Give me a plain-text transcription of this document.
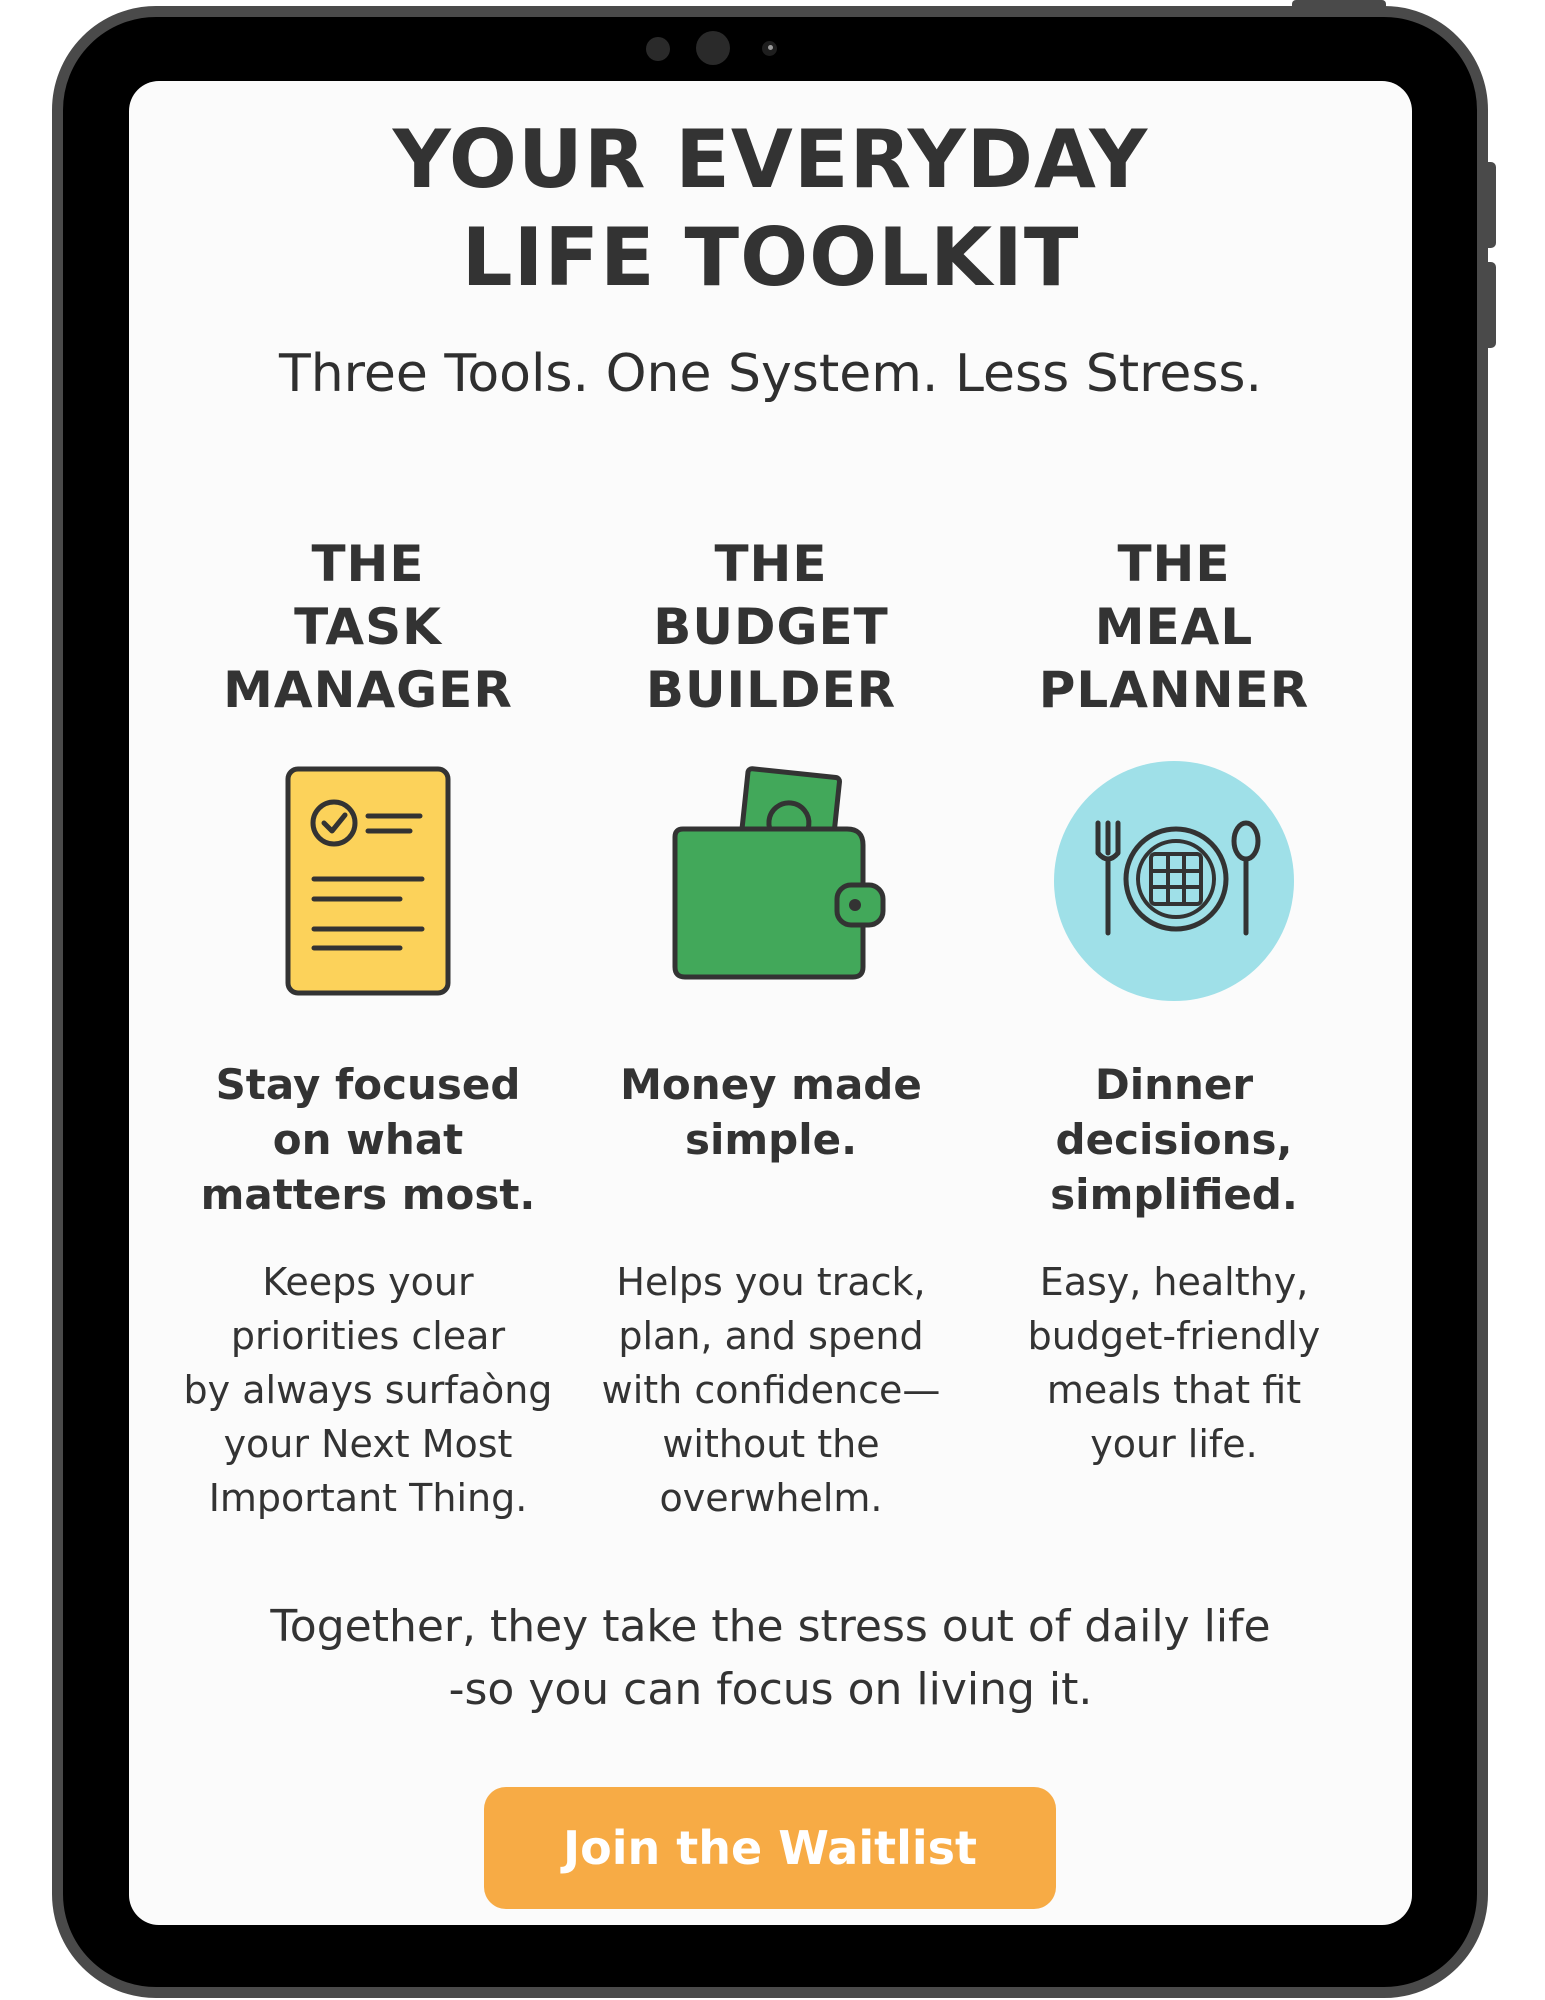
YOUR EVERYDAY
LIFE TOOLKIT

Three Tools. One System. Less Stress.

THE
TASK
MANAGER
Stay focused
on what
matters most.

Keeps your
priorities clear
by always surfaòng
your Next Most
Important Thing.

THE
BUDGET
BUILDER
Money made
simple.

Helps you track,
plan, and spend
with confidence—
without the
overwhelm.

THE
MEAL
PLANNER
Dinner
decisions,
simplified.

Easy, healthy,
budget-friendly
meals that fit
your life.

Together, they take the stress out of daily life
-so you can focus on living it.

Join the Waitlist
